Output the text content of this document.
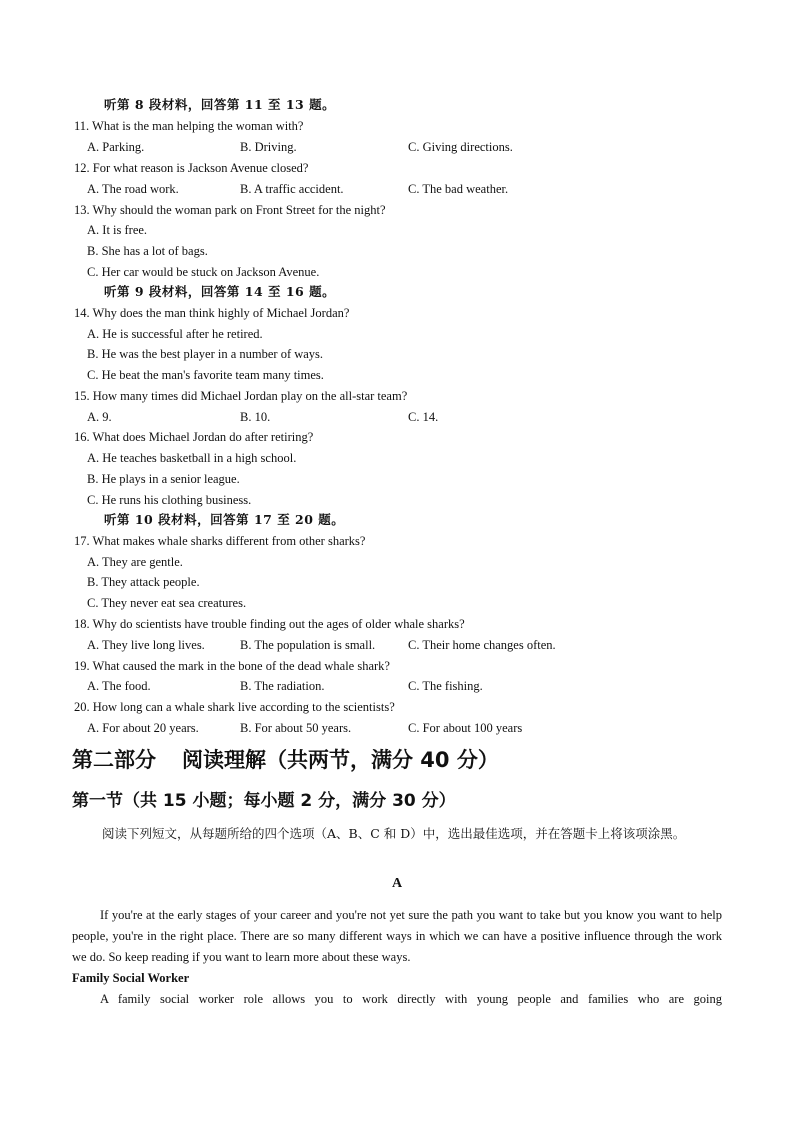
听第 8 段材料，回答第 11 至 13 题。
11. What is the man helping the woman with?
A. Parking.	B. Driving.	C. Giving directions.
12. For what reason is Jackson Avenue closed?
A. The road work.	B. A traffic accident.	C. The bad weather.
13. Why should the woman park on Front Street for the night?
A. It is free.
B. She has a lot of bags.
C. Her car would be stuck on Jackson Avenue.
听第 9 段材料，回答第 14 至 16 题。
14. Why does the man think highly of Michael Jordan?
A. He is successful after he retired.
B. He was the best player in a number of ways.
C. He beat the man's favorite team many times.
15. How many times did Michael Jordan play on the all-star team?
A. 9.	B. 10.	C. 14.
16. What does Michael Jordan do after retiring?
A. He teaches basketball in a high school.
B. He plays in a senior league.
C. He runs his clothing business.
听第 10 段材料，回答第 17 至 20 题。
17. What makes whale sharks different from other sharks?
A. They are gentle.
B. They attack people.
C. They never eat sea creatures.
18. Why do scientists have trouble finding out the ages of older whale sharks?
A. They live long lives.	B. The population is small.	C. Their home changes often.
19. What caused the mark in the bone of the dead whale shark?
A. The food.	B. The radiation.	C. The fishing.
20. How long can a whale shark live according to the scientists?
A. For about 20 years.	B. For about 50 years.	C. For about 100 years
第二部分 阅读理解（共两节，满分 40 分）
第一节（共 15 小题；每小题 2 分，满分 30 分）
阅读下列短文，从每题所给的四个选项（A、B、C 和 D）中，选出最佳选项，并在答题卡上将该项涂黑。
A
If you're at the early stages of your career and you're not yet sure the path you want to take but you know you want to help people, you're in the right place. There are so many different ways in which we can have a positive influence through the work we do. So keep reading if you want to learn more about these ways.
Family Social Worker
A family social worker role allows you to work directly with young people and families who are going
